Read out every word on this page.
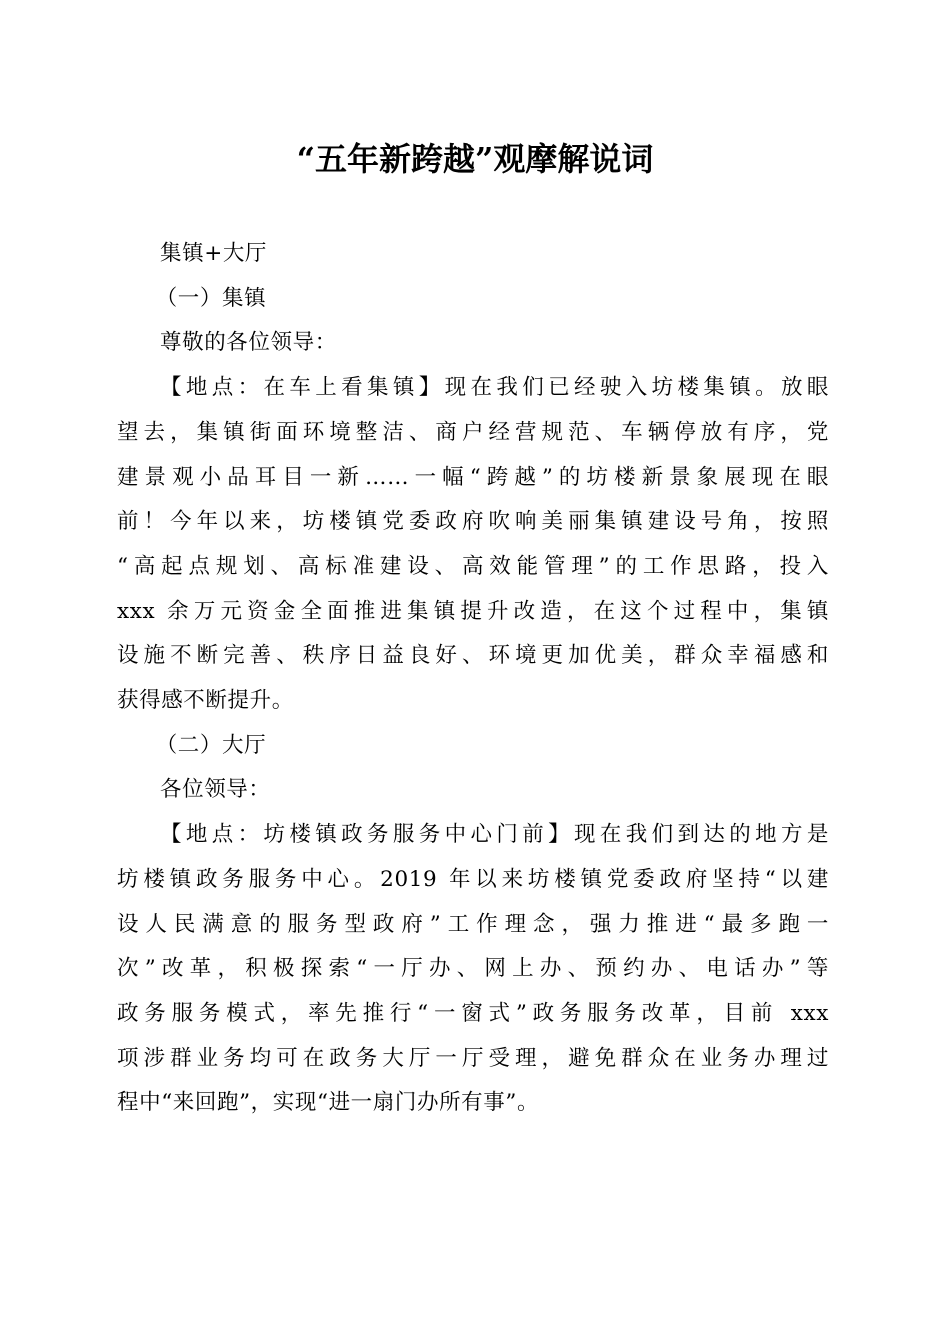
“五年新跨越”观摩解说词

集镇+大厅

（一）集镇

尊敬的各位领导：

【地点：在车上看集镇】现在我们已经驶入坊楼集镇。放眼
望去，集镇街面环境整洁、商户经营规范、车辆停放有序，党
建景观小品耳目一新……一幅“跨越”的坊楼新景象展现在眼
前！今年以来，坊楼镇党委政府吹响美丽集镇建设号角，按照
“高起点规划、高标准建设、高效能管理”的工作思路，投入
xxx 余万元资金全面推进集镇提升改造，在这个过程中，集镇
设施不断完善、秩序日益良好、环境更加优美，群众幸福感和
获得感不断提升。

（二）大厅

各位领导：

【地点：坊楼镇政务服务中心门前】现在我们到达的地方是
坊楼镇政务服务中心。2019 年以来坊楼镇党委政府坚持“以建
设人民满意的服务型政府”工作理念，强力推进“最多跑一
次”改革，积极探索“一厅办、网上办、预约办、电话办”等
政务服务模式，率先推行“一窗式”政务服务改革，目前 xxx
项涉群业务均可在政务大厅一厅受理，避免群众在业务办理过
程中“来回跑”，实现“进一扇门办所有事”。
